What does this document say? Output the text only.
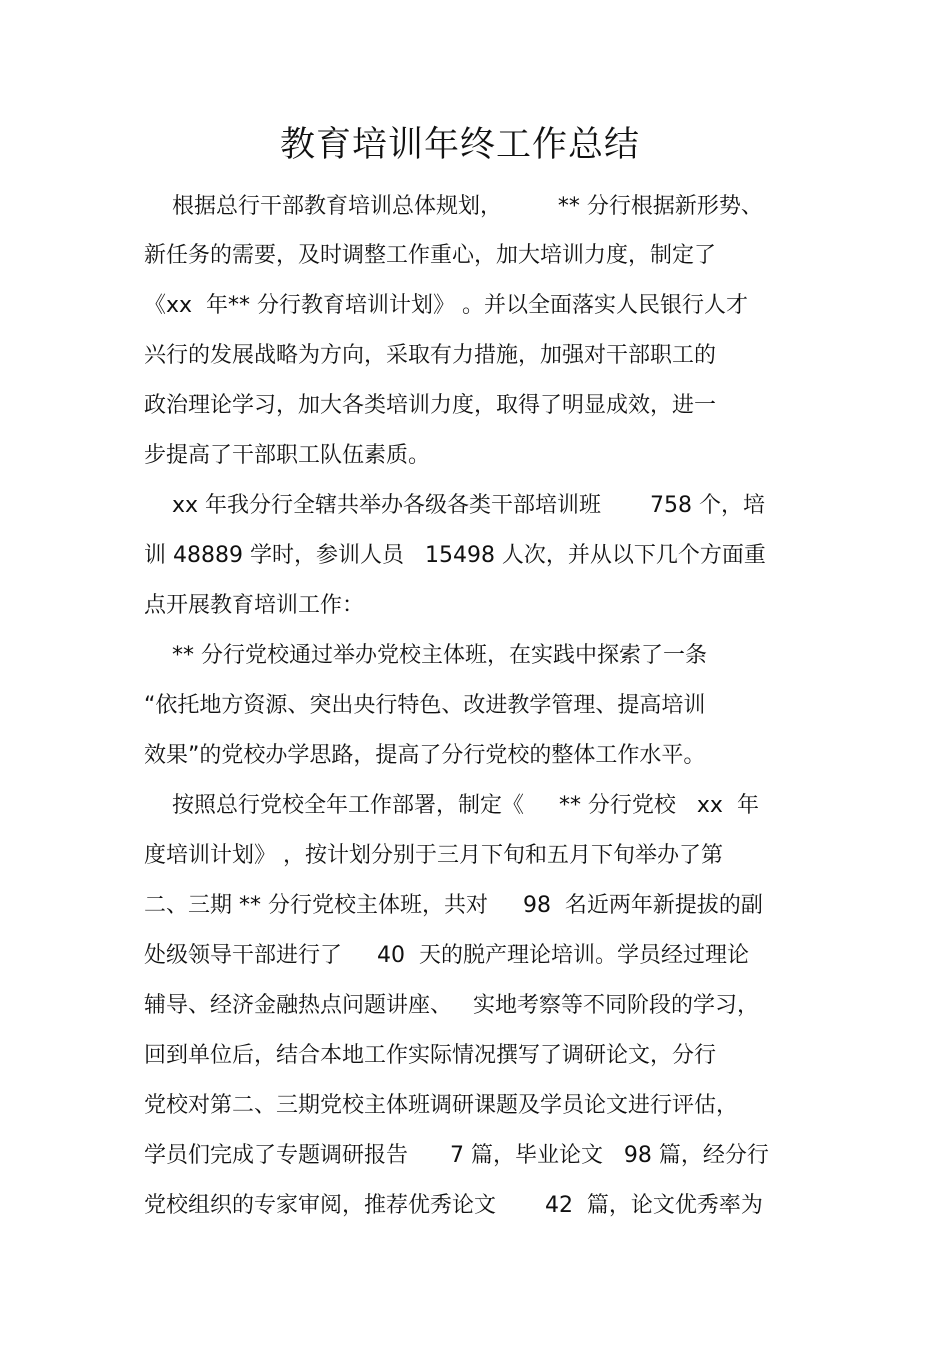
教育培训年终工作总结
根据总行干部教育培训总体规划，        ** 分行根据新形势、
新任务的需要，及时调整工作重心，加大培训力度，制定了
《xx  年** 分行教育培训计划》 。并以全面落实人民银行人才
兴行的发展战略为方向，采取有力措施，加强对干部职工的
政治理论学习，加大各类培训力度，取得了明显成效，进一
步提高了干部职工队伍素质。
xx 年我分行全辖共举办各级各类干部培训班       758 个，培
训 48889 学时，参训人员   15498 人次，并从以下几个方面重
点开展教育培训工作：
** 分行党校通过举办党校主体班，在实践中探索了一条
“依托地方资源、突出央行特色、改进教学管理、提高培训
效果”的党校办学思路，提高了分行党校的整体工作水平。
按照总行党校全年工作部署，制定《     ** 分行党校   xx  年
度培训计划》 ，按计划分别于三月下旬和五月下旬举办了第
二、三期 ** 分行党校主体班，共对     98  名近两年新提拔的副
处级领导干部进行了     40  天的脱产理论培训。学员经过理论
辅导、经济金融热点问题讲座、   实地考察等不同阶段的学习，
回到单位后，结合本地工作实际情况撰写了调研论文，分行
党校对第二、三期党校主体班调研课题及学员论文进行评估，
学员们完成了专题调研报告      7 篇，毕业论文   98 篇，经分行
党校组织的专家审阅，推荐优秀论文       42  篇，论文优秀率为
